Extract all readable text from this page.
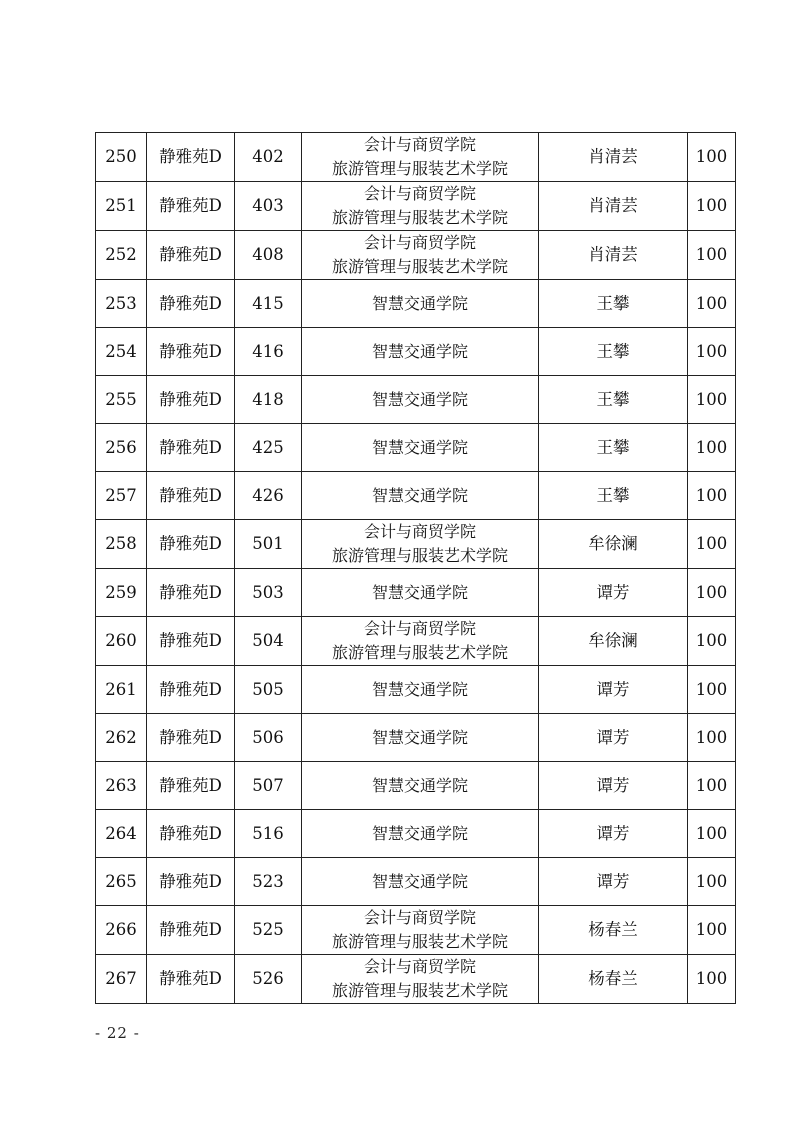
250	静雅苑D	402	会计与商贸学院
旅游管理与服装艺术学院	肖清芸	100
251	静雅苑D	403	会计与商贸学院
旅游管理与服装艺术学院	肖清芸	100
252	静雅苑D	408	会计与商贸学院
旅游管理与服装艺术学院	肖清芸	100
253	静雅苑D	415	智慧交通学院	王攀	100
254	静雅苑D	416	智慧交通学院	王攀	100
255	静雅苑D	418	智慧交通学院	王攀	100
256	静雅苑D	425	智慧交通学院	王攀	100
257	静雅苑D	426	智慧交通学院	王攀	100
258	静雅苑D	501	会计与商贸学院
旅游管理与服装艺术学院	牟徐澜	100
259	静雅苑D	503	智慧交通学院	谭芳	100
260	静雅苑D	504	会计与商贸学院
旅游管理与服装艺术学院	牟徐澜	100
261	静雅苑D	505	智慧交通学院	谭芳	100
262	静雅苑D	506	智慧交通学院	谭芳	100
263	静雅苑D	507	智慧交通学院	谭芳	100
264	静雅苑D	516	智慧交通学院	谭芳	100
265	静雅苑D	523	智慧交通学院	谭芳	100
266	静雅苑D	525	会计与商贸学院
旅游管理与服装艺术学院	杨春兰	100
267	静雅苑D	526	会计与商贸学院
旅游管理与服装艺术学院	杨春兰	100
- 22 -
